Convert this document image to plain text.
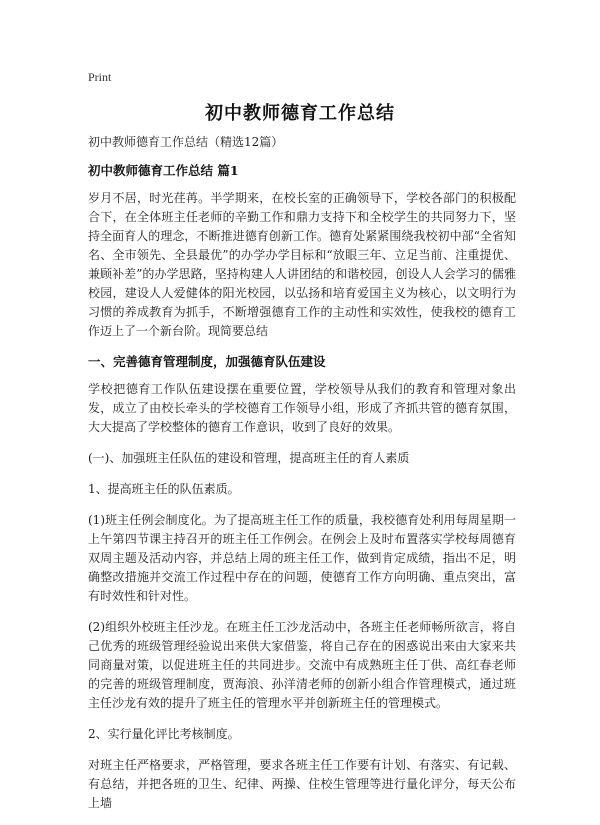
Print
初中教师德育工作总结
初中教师德育工作总结（精选12篇）
初中教师德育工作总结 篇1
岁月不居，时光荏苒。半学期来，在校长室的正确领导下，学校各部门的积极配合下，在全体班主任老师的辛勤工作和鼎力支持下和全校学生的共同努力下，坚持全面育人的理念，不断推进德育创新工作。德育处紧紧围绕我校初中部“全省知名、全市领先、全县最优”的办学办学目标和“放眼三年、立足当前、注重提优、兼顾补差”的办学思路，坚持构建人人讲团结的和谐校园，创设人人会学习的儒雅校园，建设人人爱健体的阳光校园，以弘扬和培育爱国主义为核心，以文明行为习惯的养成教育为抓手，不断增强德育工作的主动性和实效性，使我校的德育工作迈上了一个新台阶。现简要总结
一、完善德育管理制度，加强德育队伍建设
学校把德育工作队伍建设摆在重要位置，学校领导从我们的教育和管理对象出发，成立了由校长牵头的学校德育工作领导小组，形成了齐抓共管的德育氛围，大大提高了学校整体的德育工作意识，收到了良好的效果。
(一)、加强班主任队伍的建设和管理，提高班主任的育人素质
1、提高班主任的队伍素质。
(1)班主任例会制度化。为了提高班主任工作的质量，我校德育处利用每周星期一上午第四节课主持召开的班主任工作例会。在例会上及时布置落实学校每周德育双周主题及活动内容，并总结上周的班主任工作，做到肯定成绩，指出不足，明确整改措施并交流工作过程中存在的问题，使德育工作方向明确、重点突出，富有时效性和针对性。
(2)组织外校班主任沙龙。在班主任工沙龙活动中，各班主任老师畅所欲言，将自己优秀的班级管理经验说出来供大家借鉴，将自己存在的困惑说出来由大家来共同商量对策，以促进班主任的共同进步。交流中有成熟班主任丁供、高红春老师的完善的班级管理制度，贾海浪、孙洋清老师的创新小组合作管理模式，通过班主任沙龙有效的提升了班主任的管理水平并创新班主任的管理模式。
2、实行量化评比考核制度。
对班主任严格要求，严格管理，要求各班主任工作要有计划、有落实、有记载、有总结，并把各班的卫生、纪律、两操、住校生管理等进行量化评分，每天公布上墙
